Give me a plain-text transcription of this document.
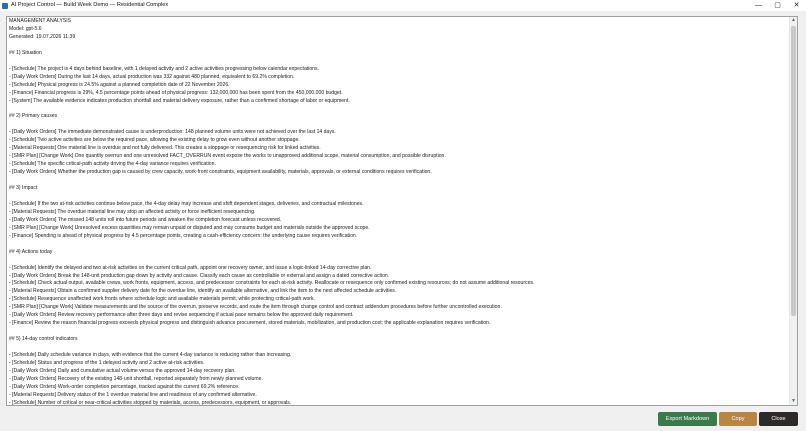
AI Project Control — Build Week Demo — Residential Complex	—	▢	✕
MANAGEMENT ANALYSIS
Model: gpt-5.6
Generated: 19.07.2026 11:39

## 1) Situation

- [Schedule] The project is 4 days behind baseline, with 1 delayed activity and 2 active activities progressing below calendar expectations.
- [Daily Work Orders] During the last 14 days, actual production was 332 against 480 planned, equivalent to 69.2% completion.
- [Schedule] Physical progress is 24.5% against a planned completion date of 22 November 2026.
- [Finance] Financial progress is 29%, 4.5 percentage points ahead of physical progress: 132,000,000 has been spent from the 450,000,000 budget.
- [System] The available evidence indicates production shortfall and material delivery exposure, rather than a confirmed shortage of labor or equipment.

## 2) Primary causes

- [Daily Work Orders] The immediate demonstrated cause is underproduction: 148 planned volume units were not achieved over the last 14 days.
- [Schedule] Two active activities are below the required pace, allowing the existing delay to grow even without another stoppage.
- [Material Requests] One material line is overdue and not fully delivered. This creates a stoppage or resequencing risk for linked activities.
- [SMR Plan] [Change Work] One quantity overrun and one unresolved FACT_OVERRUN event expose the works to unapproved additional scope, material consumption, and possible disruption.
- [Schedule] The specific critical-path activity driving the 4-day variance requires verification.
- [Daily Work Orders] Whether the production gap is caused by crew capacity, work-front constraints, equipment availability, materials, approvals, or external conditions requires verification.

## 3) Impact

- [Schedule] If the two at-risk activities continue below pace, the 4-day delay may increase and shift dependent stages, deliveries, and contractual milestones.
- [Material Requests] The overdue material line may stop an affected activity or force inefficient resequencing.
- [Daily Work Orders] The missed 148 units roll into future periods and weaken the completion forecast unless recovered.
- [SMR Plan] [Change Work] Unresolved excess quantities may remain unpaid or disputed and may consume budget and materials outside the approved scope.
- [Finance] Spending is ahead of physical progress by 4.5 percentage points, creating a cash-efficiency concern; the underlying cause requires verification.

## 4) Actions today

- [Schedule] Identify the delayed and two at-risk activities on the current critical path, appoint one recovery owner, and issue a logic-linked 14-day corrective plan.
- [Daily Work Orders] Break the 148-unit production gap down by activity and cause. Classify each cause as controllable or external and assign a dated corrective action.
- [Schedule] Check actual output, available crews, work fronts, equipment, access, and predecessor constraints for each at-risk activity. Reallocate or resequence only confirmed existing resources; do not assume additional resources.
- [Material Requests] Obtain a confirmed supplier delivery date for the overdue line, identify an available alternative, and link the item to the next affected schedule activities.
- [Schedule] Resequence unaffected work fronts where schedule logic and available materials permit, while protecting critical-path work.
- [SMR Plan] [Change Work] Validate measurements and the source of the overrun, preserve records, and route the item through change control and contract addendum procedures before further uncontrolled execution.
- [Daily Work Orders] Review recovery performance after three days and revise sequencing if actual pace remains below the approved daily requirement.
- [Finance] Review the reason financial progress exceeds physical progress and distinguish advance procurement, stored materials, mobilization, and production cost; the applicable explanation requires verification.

## 5) 14-day control indicators

- [Schedule] Daily schedule variance in days, with evidence that the current 4-day variance is reducing rather than increasing.
- [Schedule] Status and progress of the 1 delayed activity and 2 active at-risk activities.
- [Daily Work Orders] Daily and cumulative actual volume versus the approved 14-day recovery plan.
- [Daily Work Orders] Recovery of the existing 148-unit shortfall, reported separately from newly planned volume.
- [Daily Work Orders] Work-order completion percentage, tracked against the current 69.2% reference.
- [Material Requests] Delivery status of the 1 overdue material line and readiness of any confirmed alternative.
- [Schedule] Number of critical or near-critical activities stopped by materials, access, predecessors, equipment, or approvals.
▲
▼
Export Markdown	Copy	Close
